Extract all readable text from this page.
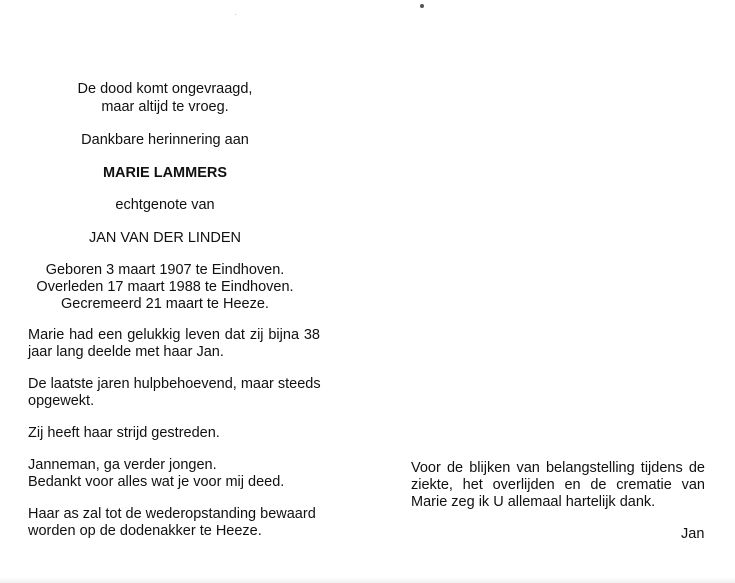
De dood komt ongevraagd,

maar altijd te vroeg.

Dankbare herinnering aan

MARIE LAMMERS

echtgenote van

JAN VAN DER LINDEN

Geboren 3 maart 1907 te Eindhoven.

Overleden 17 maart 1988 te Eindhoven.

Gecremeerd 21 maart te Heeze.

Marie had een gelukkig leven dat zij bijna 38

jaar lang deelde met haar Jan.

De laatste jaren hulpbehoevend, maar steeds

opgewekt.

Zij heeft haar strijd gestreden.

Janneman, ga verder jongen.

Bedankt voor alles wat je voor mij deed.

Haar as zal tot de wederopstanding bewaard

worden op de dodenakker te Heeze.

Voor de blijken van belangstelling tijdens de

ziekte, het overlijden en de crematie van

Marie zeg ik U allemaal hartelijk dank.

Jan
